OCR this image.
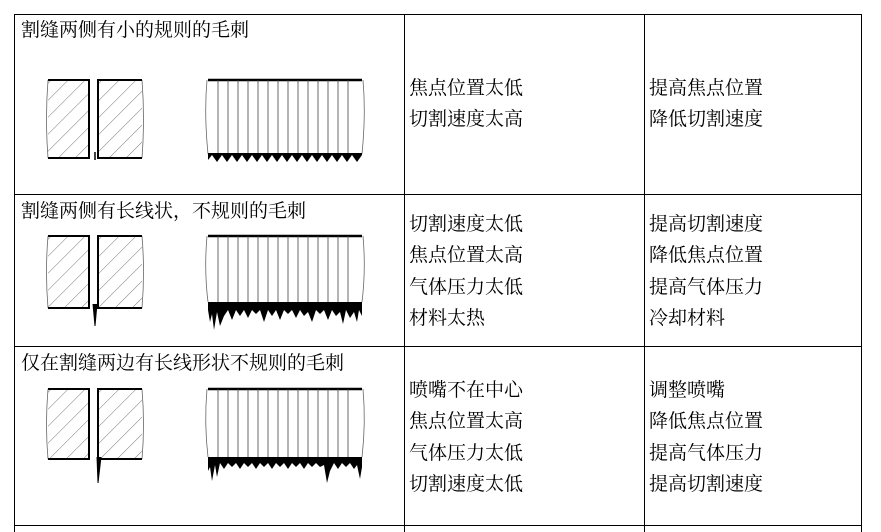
割缝两侧有小的规则的毛刺
焦点位置太低
切割速度太高
提高焦点位置
降低切割速度
割缝两侧有长线状，不规则的毛刺
切割速度太低
焦点位置太高
气体压力太低
材料太热
提高切割速度
降低焦点位置
提高气体压力
冷却材料
仅在割缝两边有长线形状不规则的毛刺
喷嘴不在中心
焦点位置太高
气体压力太低
切割速度太低
调整喷嘴
降低焦点位置
提高气体压力
提高切割速度
